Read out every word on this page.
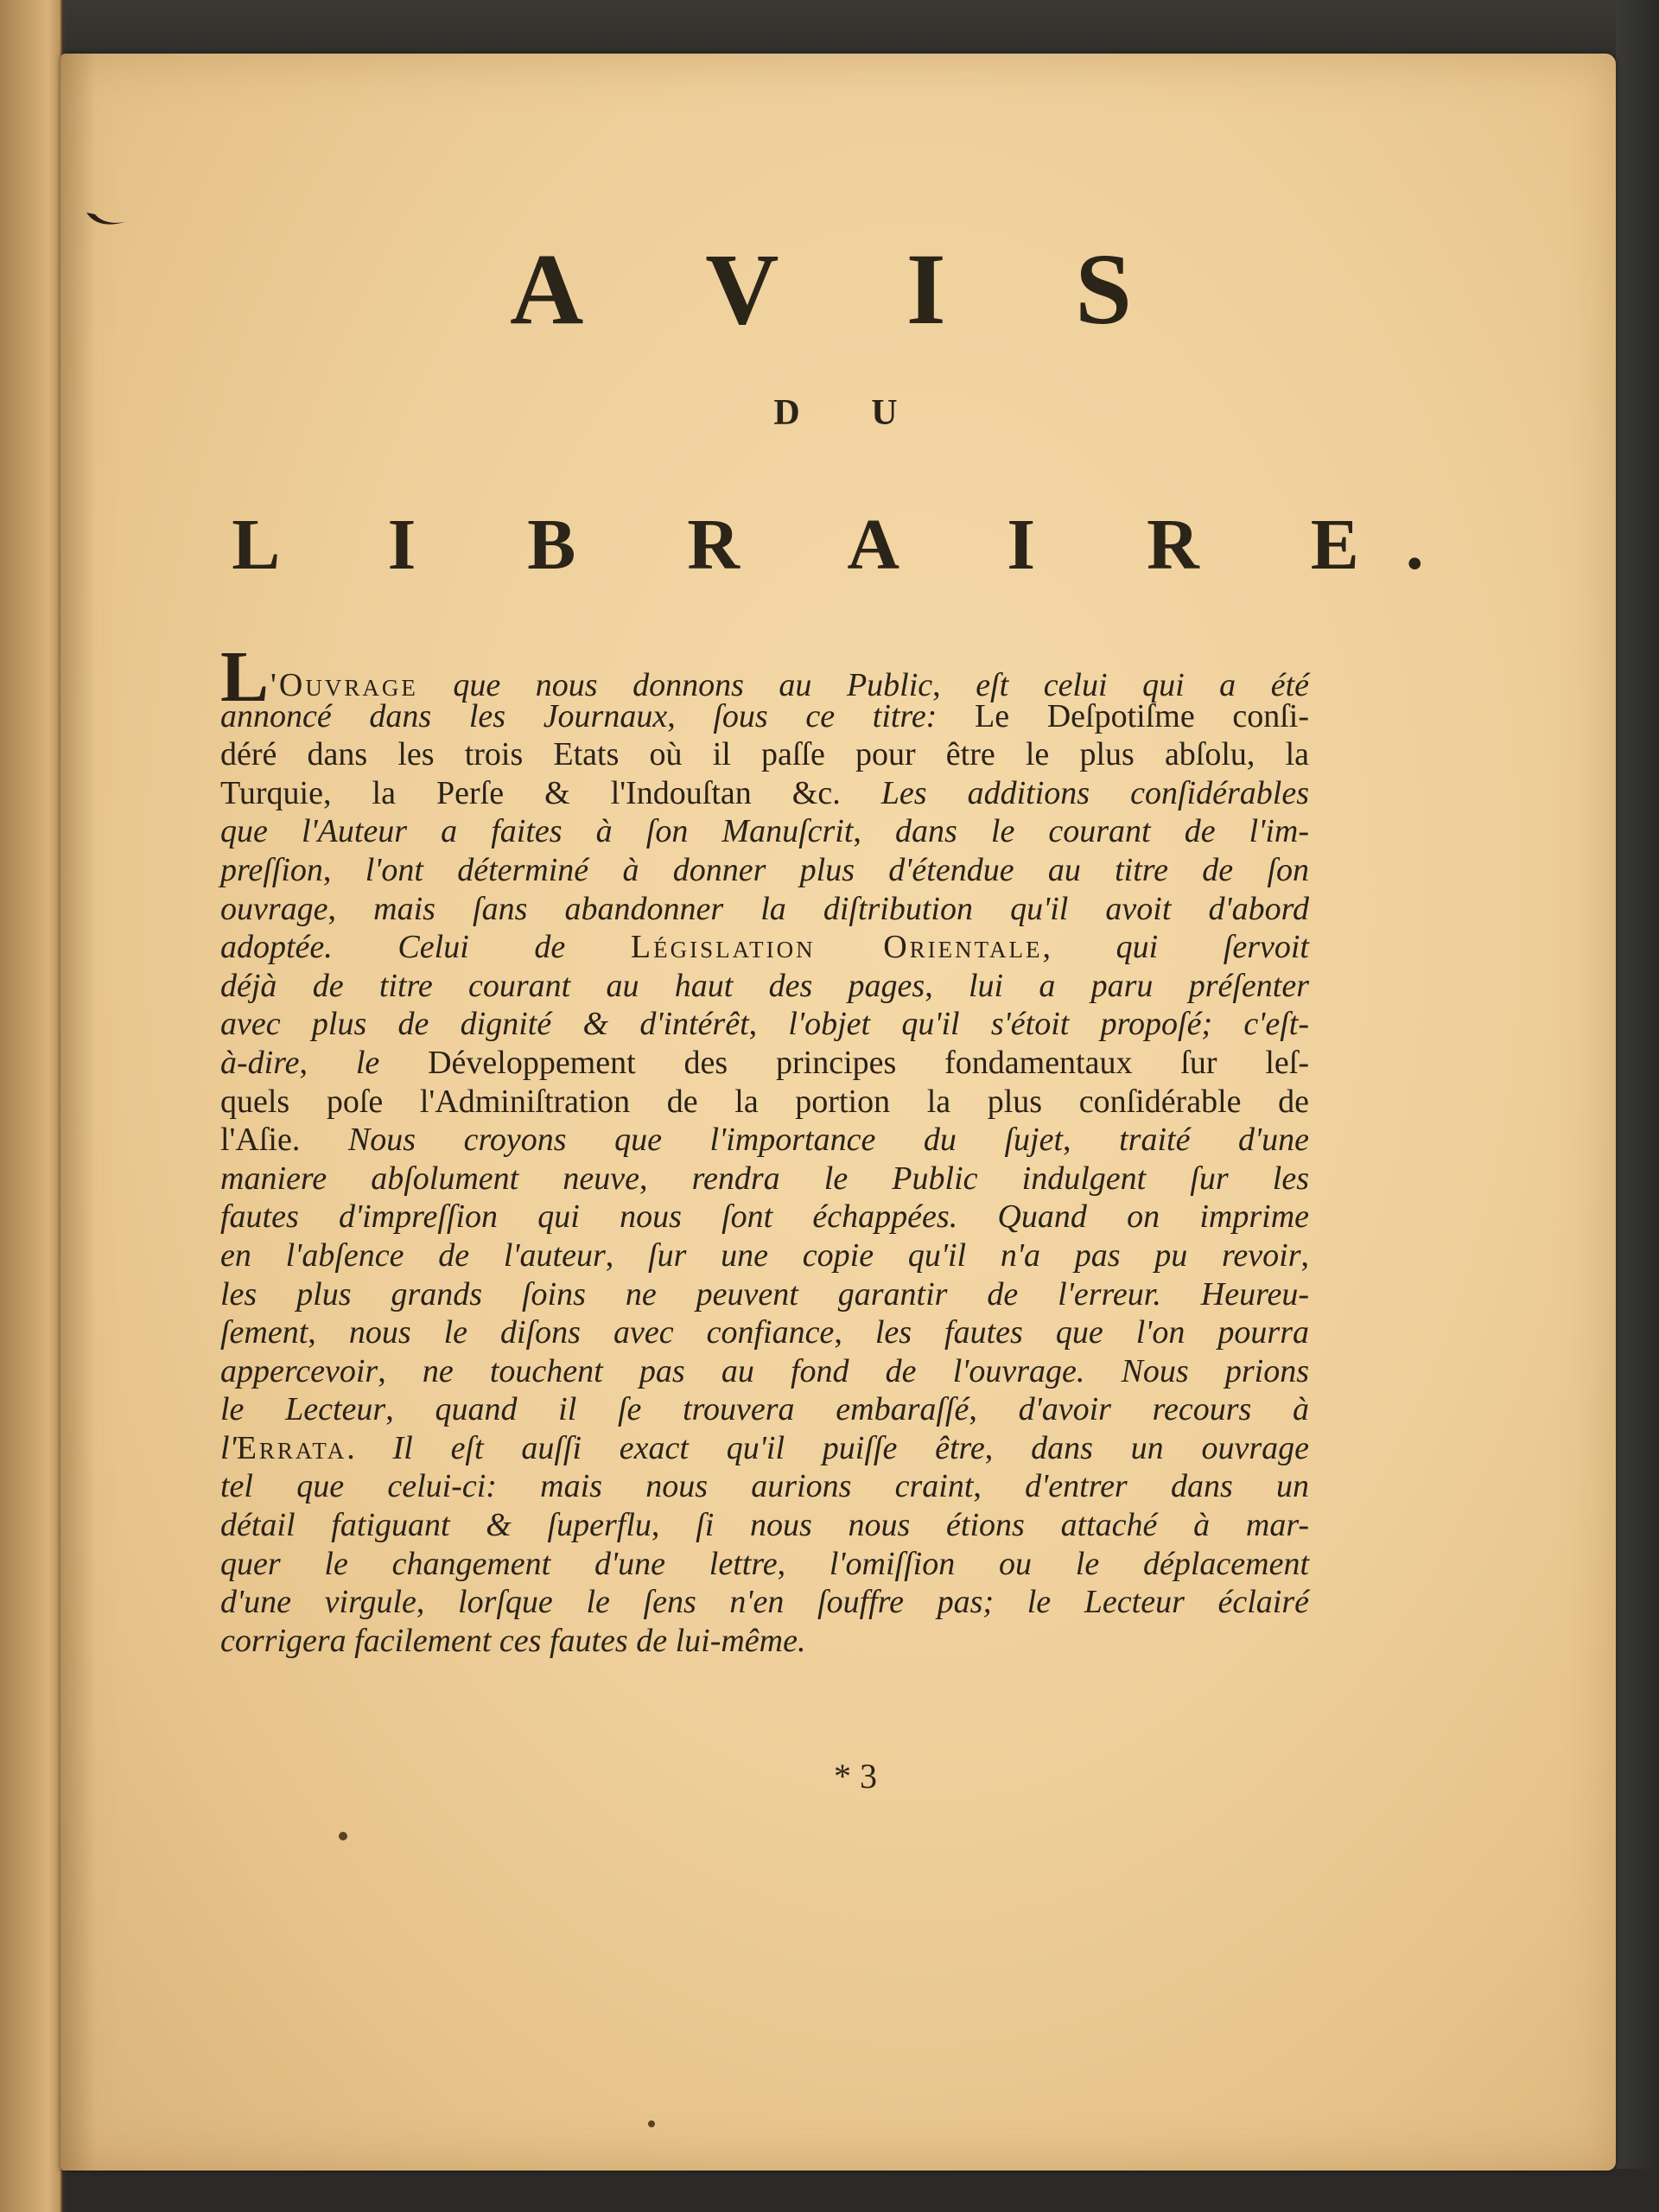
A V I S
D U
L I B R A I R E.
L'Ouvrage que nous donnons au Public, eſt celui qui a été
annoncé dans les Journaux, ſous ce titre: Le Deſpotiſme conſi-
déré dans les trois Etats où il paſſe pour être le plus abſolu, la
Turquie, la Perſe & l'Indouſtan &c. Les additions conſidérables
que l'Auteur a faites à ſon Manuſcrit, dans le courant de l'im-
preſſion, l'ont déterminé à donner plus d'étendue au titre de ſon
ouvrage, mais ſans abandonner la diſtribution qu'il avoit d'abord
adoptée. Celui de Législation Orientale, qui ſervoit
déjà de titre courant au haut des pages, lui a paru préſenter
avec plus de dignité & d'intérêt, l'objet qu'il s'étoit propoſé; c'eſt-
à-dire, le Développement des principes fondamentaux ſur leſ-
quels poſe l'Adminiſtration de la portion la plus conſidérable de
l'Aſie. Nous croyons que l'importance du ſujet, traité d'une
maniere abſolument neuve, rendra le Public indulgent ſur les
fautes d'impreſſion qui nous ſont échappées. Quand on imprime
en l'abſence de l'auteur, ſur une copie qu'il n'a pas pu revoir,
les plus grands ſoins ne peuvent garantir de l'erreur. Heureu-
ſement, nous le diſons avec confiance, les fautes que l'on pourra
appercevoir, ne touchent pas au fond de l'ouvrage. Nous prions
le Lecteur, quand il ſe trouvera embaraſſé, d'avoir recours à
l'Errata. Il eſt auſſi exact qu'il puiſſe être, dans un ouvrage
tel que celui-ci: mais nous aurions craint, d'entrer dans un
détail fatiguant & ſuperflu, ſi nous nous étions attaché à mar-
quer le changement d'une lettre, l'omiſſion ou le déplacement
d'une virgule, lorſque le ſens n'en ſouffre pas; le Lecteur éclairé
corrigera facilement ces fautes de lui-même.
* 3
